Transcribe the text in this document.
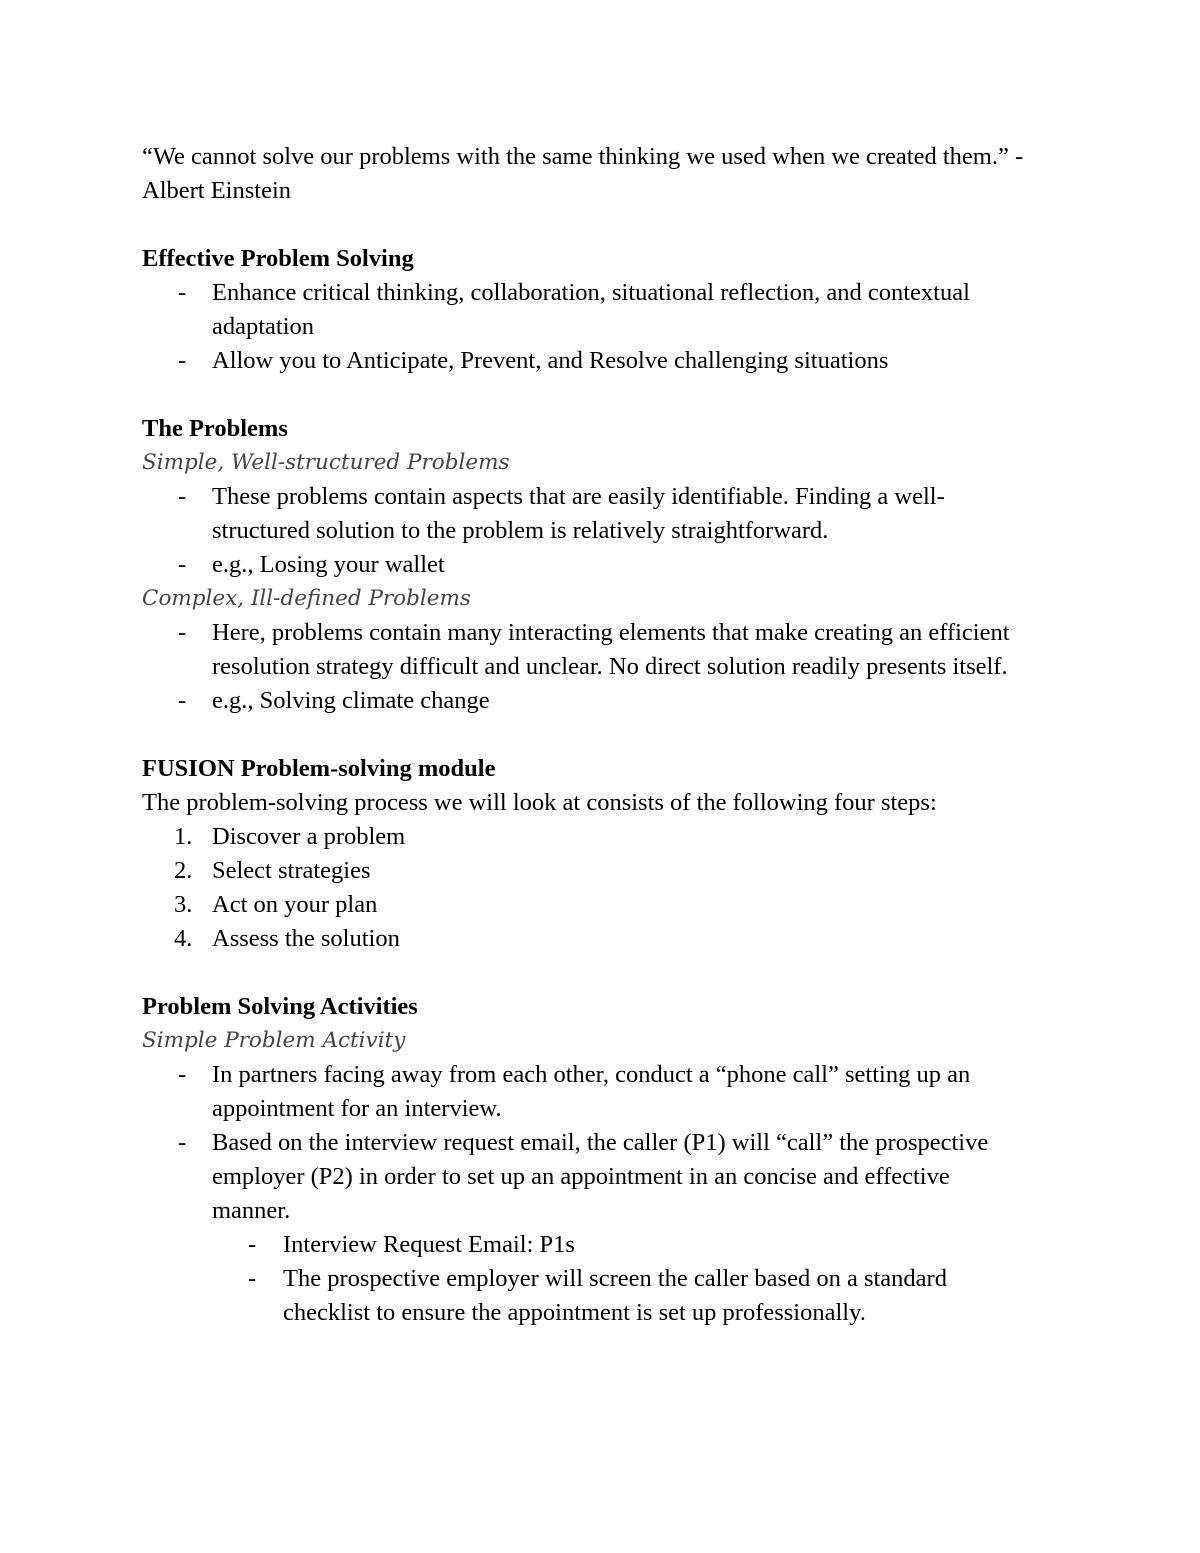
“We cannot solve our problems with the same thinking we used when we created them.” - Albert Einstein

Effective Problem Solving

- Enhance critical thinking, collaboration, situational reflection, and contextual adaptation
- Allow you to Anticipate, Prevent, and Resolve challenging situations

The Problems

Simple, Well-structured Problems

- These problems contain aspects that are easily identifiable. Finding a well-structured solution to the problem is relatively straightforward.
- e.g., Losing your wallet

Complex, Ill-defined Problems

- Here, problems contain many interacting elements that make creating an efficient resolution strategy difficult and unclear. No direct solution readily presents itself.
- e.g., Solving climate change

FUSION Problem-solving module

The problem-solving process we will look at consists of the following four steps:

1. Discover a problem
2. Select strategies
3. Act on your plan
4. Assess the solution

Problem Solving Activities

Simple Problem Activity

- In partners facing away from each other, conduct a “phone call” setting up an appointment for an interview.
- Based on the interview request email, the caller (P1) will “call” the prospective employer (P2) in order to set up an appointment in an concise and effective manner.
- Interview Request Email: P1s
- The prospective employer will screen the caller based on a standard checklist to ensure the appointment is set up professionally.
